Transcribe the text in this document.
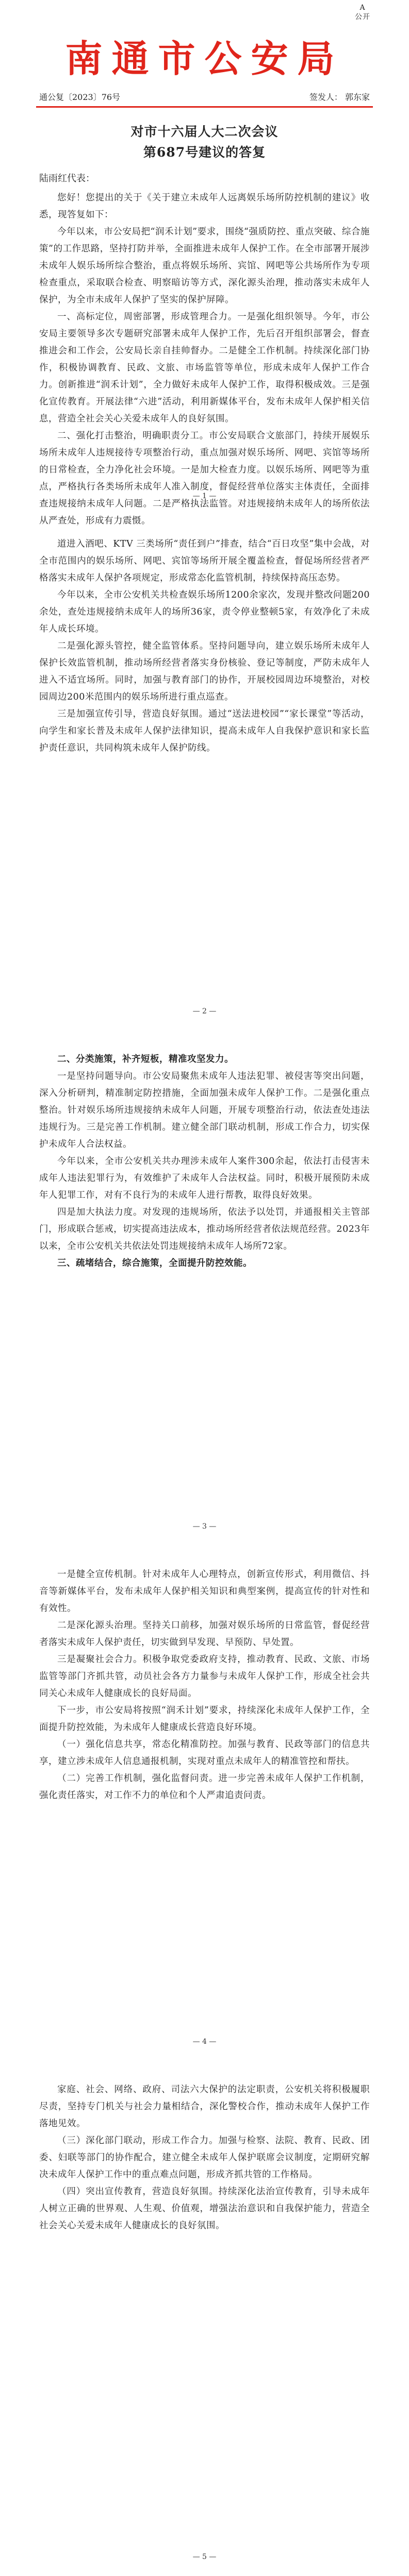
A
公开
南通市公安局
通公复〔2023〕76号	签发人： 郭东家
对市十六届人大二次会议
第687号建议的答复
陆雨红代表：

您好！您提出的关于《关于建立未成年人远离娱乐场所防控机制的建议》收悉，现答复如下：

今年以来，市公安局把“润禾计划”要求，围绕“强质防控、重点突破、综合施策”的工作思路，坚持打防并举，全面推进未成年人保护工作。在全市部署开展涉未成年人娱乐场所综合整治，重点将娱乐场所、宾馆、网吧等公共场所作为专项检查重点，采取联合检查、明察暗访等方式，深化源头治理，推动落实未成年人保护，为全市未成年人保护了坚实的保护屏障。

一、高标定位，周密部署，形成管理合力。一是强化组织领导。今年，市公安局主要领导多次专题研究部署未成年人保护工作，先后召开组织部署会，督查推进会和工作会，公安局长亲自挂帅督办。二是健全工作机制。持续深化部门协作，积极协调教育、民政、文旅、市场监管等单位，形成未成年人保护工作合力。创新推进“润禾计划”，全力做好未成年人保护工作，取得积极成效。三是强化宣传教育。开展法律“六进”活动，利用新媒体平台，发布未成年人保护相关信息，营造全社会关心关爱未成年人的良好氛围。

二、强化打击整治，明确职责分工。市公安局联合文旅部门，持续开展娱乐场所未成年人违规接待专项整治行动，重点加强对娱乐场所、网吧、宾馆等场所的日常检查，全力净化社会环境。一是加大检查力度。以娱乐场所、网吧等为重点，严格执行各类场所未成年人准入制度，督促经营单位落实主体责任，全面排查违规接纳未成年人问题。二是严格执法监管。对违规接纳未成年人的场所依法从严查处，形成有力震慑。

— 1 —

道进入酒吧、KTV 三类场所“责任到户”排查，结合“百日攻坚”集中会战，对全市范围内的娱乐场所、网吧、宾馆等场所开展全覆盖检查，督促场所经营者严格落实未成年人保护各项规定，形成常态化监管机制，持续保持高压态势。

今年以来，全市公安机关共检查娱乐场所1200余家次，发现并整改问题200余处，查处违规接纳未成年人的场所36家，责令停业整顿5家，有效净化了未成年人成长环境。

二是强化源头管控，健全监管体系。坚持问题导向，建立娱乐场所未成年人保护长效监管机制，推动场所经营者落实身份核验、登记等制度，严防未成年人进入不适宜场所。同时，加强与教育部门的协作，开展校园周边环境整治，对校园周边200米范围内的娱乐场所进行重点巡查。

三是加强宣传引导，营造良好氛围。通过“送法进校园”“家长课堂”等活动，向学生和家长普及未成年人保护法律知识，提高未成年人自我保护意识和家长监护责任意识，共同构筑未成年人保护防线。

— 2 —

二、分类施策，补齐短板，精准攻坚发力。

一是坚持问题导向。市公安局聚焦未成年人违法犯罪、被侵害等突出问题，深入分析研判，精准制定防控措施，全面加强未成年人保护工作。二是强化重点整治。针对娱乐场所违规接纳未成年人问题，开展专项整治行动，依法查处违法违规行为。三是完善工作机制。建立健全部门联动机制，形成工作合力，切实保护未成年人合法权益。

今年以来，全市公安机关共办理涉未成年人案件300余起，依法打击侵害未成年人违法犯罪行为，有效维护了未成年人合法权益。同时，积极开展预防未成年人犯罪工作，对有不良行为的未成年人进行帮教，取得良好效果。

四是加大执法力度。对发现的违规场所，依法予以处罚，并通报相关主管部门，形成联合惩戒，切实提高违法成本，推动场所经营者依法规范经营。2023年以来，全市公安机关共依法处罚违规接纳未成年人场所72家。

三、疏堵结合，综合施策，全面提升防控效能。

— 3 —

一是健全宣传机制。针对未成年人心理特点，创新宣传形式，利用微信、抖音等新媒体平台，发布未成年人保护相关知识和典型案例，提高宣传的针对性和有效性。

二是深化源头治理。坚持关口前移，加强对娱乐场所的日常监管，督促经营者落实未成年人保护责任，切实做到早发现、早预防、早处置。

三是凝聚社会合力。积极争取党委政府支持，推动教育、民政、文旅、市场监管等部门齐抓共管，动员社会各方力量参与未成年人保护工作，形成全社会共同关心未成年人健康成长的良好局面。

下一步，市公安局将按照“润禾计划”要求，持续深化未成年人保护工作，全面提升防控效能，为未成年人健康成长营造良好环境。

（一）强化信息共享，常态化精准防控。加强与教育、民政等部门的信息共享，建立涉未成年人信息通报机制，实现对重点未成年人的精准管控和帮扶。

（二）完善工作机制，强化监督问责。进一步完善未成年人保护工作机制，强化责任落实，对工作不力的单位和个人严肃追责问责。

— 4 —

家庭、社会、网络、政府、司法六大保护的法定职责，公安机关将积极履职尽责，坚持专门机关与社会力量相结合，深化警校合作，推动未成年人保护工作落地见效。

（三）深化部门联动，形成工作合力。加强与检察、法院、教育、民政、团委、妇联等部门的协作配合，建立健全未成年人保护联席会议制度，定期研究解决未成年人保护工作中的重点难点问题，形成齐抓共管的工作格局。

（四）突出宣传教育，营造良好氛围。持续深化法治宣传教育，引导未成年人树立正确的世界观、人生观、价值观，增强法治意识和自我保护能力，营造全社会关心关爱未成年人健康成长的良好氛围。

— 5 —
